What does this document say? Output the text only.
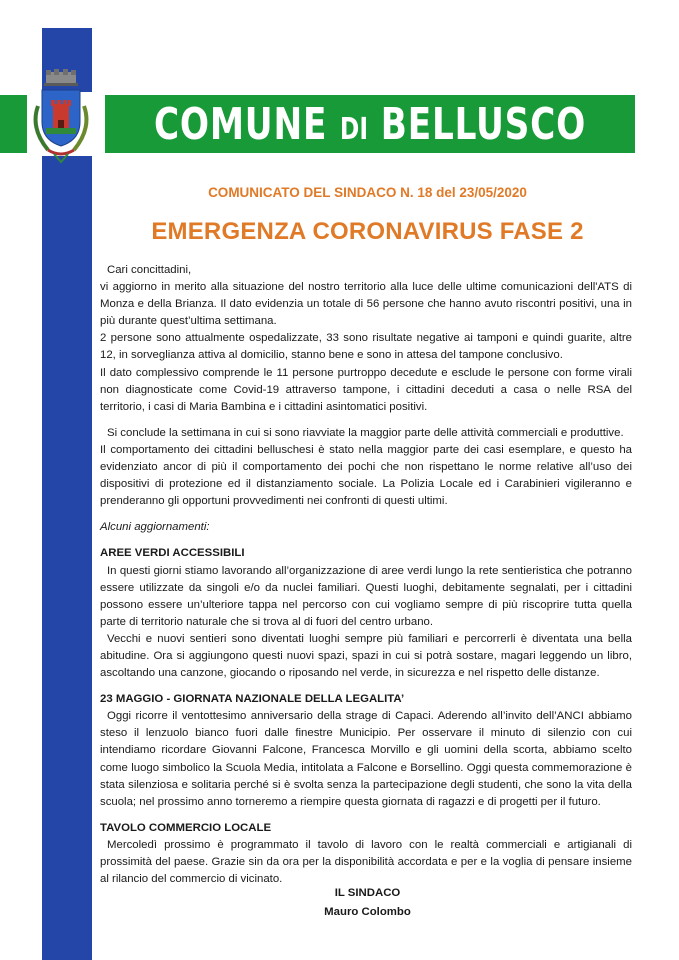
COMUNE DI BELLUSCO
COMUNICATO DEL SINDACO N. 18 del 23/05/2020
EMERGENZA CORONAVIRUS FASE 2

Cari concittadini,

vi aggiorno in merito alla situazione del nostro territorio alla luce delle ultime comunicazioni dell'ATS di Monza e della Brianza. Il dato evidenzia un totale di 56 persone che hanno avuto riscontri positivi, una in più durante quest’ultima settimana.

2 persone sono attualmente ospedalizzate, 33 sono risultate negative ai tamponi e quindi guarite, altre 12, in sorveglianza attiva al domicilio, stanno bene e sono in attesa del tampone conclusivo.

Il dato complessivo comprende le 11 persone purtroppo decedute e esclude le persone con forme virali non diagnosticate come Covid-19 attraverso tampone, i cittadini deceduti a casa o nelle RSA del territorio, i casi di Maria Bambina e i cittadini asintomatici positivi.

Si conclude la settimana in cui si sono riavviate la maggior parte delle attività commerciali e produttive.

Il comportamento dei cittadini belluschesi è stato nella maggior parte dei casi esemplare, e questo ha evidenziato ancor di più il comportamento dei pochi che non rispettano le norme relative all’uso dei dispositivi di protezione ed il distanziamento sociale. La Polizia Locale ed i Carabinieri vigileranno e prenderanno gli opportuni provvedimenti nei confronti di questi ultimi.

Alcuni aggiornamenti:

AREE VERDI ACCESSIBILI

In questi giorni stiamo lavorando all’organizzazione di aree verdi lungo la rete sentieristica che potranno essere utilizzate da singoli e/o da nuclei familiari. Questi luoghi, debitamente segnalati, per i cittadini possono essere un’ulteriore tappa nel percorso con cui vogliamo sempre di più riscoprire tutta quella parte di territorio naturale che si trova al di fuori del centro urbano.

Vecchi e nuovi sentieri sono diventati luoghi sempre più familiari e percorrerli è diventata una bella abitudine. Ora si aggiungono questi nuovi spazi, spazi in cui si potrà sostare, magari leggendo un libro, ascoltando una canzone, giocando o riposando nel verde, in sicurezza e nel rispetto delle distanze.

23 MAGGIO - GIORNATA NAZIONALE DELLA LEGALITA’

Oggi ricorre il ventottesimo anniversario della strage di Capaci. Aderendo all’invito dell’ANCI abbiamo steso il lenzuolo bianco fuori dalle finestre Municipio. Per osservare il minuto di silenzio con cui intendiamo ricordare Giovanni Falcone, Francesca Morvillo e gli uomini della scorta, abbiamo scelto come luogo simbolico la Scuola Media, intitolata a Falcone e Borsellino. Oggi questa commemorazione è stata silenziosa e solitaria perché si è svolta senza la partecipazione degli studenti, che sono la vita della scuola; nel prossimo anno torneremo a riempire questa giornata di ragazzi e di progetti per il futuro.

TAVOLO COMMERCIO LOCALE

Mercoledì prossimo è programmato il tavolo di lavoro con le realtà commerciali e artigianali di prossimità del paese. Grazie sin da ora per la disponibilità accordata e per e la voglia di pensare insieme al rilancio del commercio di vicinato.

IL SINDACO
Mauro Colombo
